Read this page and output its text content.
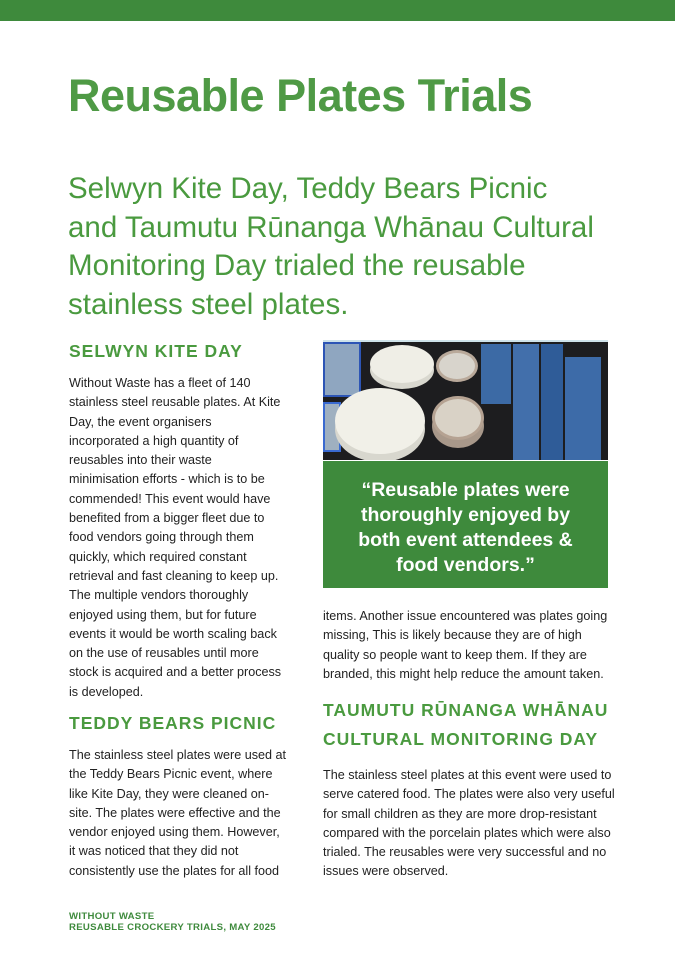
Reusable Plates Trials

Selwyn Kite Day, Teddy Bears Picnic
and Taumutu Rūnanga Whānau Cultural
Monitoring Day trialed the reusable
stainless steel plates.

SELWYN KITE DAY

Without Waste has a fleet of 140
stainless steel reusable plates. At Kite
Day, the event organisers
incorporated a high quantity of
reusables into their waste
minimisation efforts - which is to be
commended! This event would have
benefited from a bigger fleet due to
food vendors going through them
quickly, which required constant
retrieval and fast cleaning to keep up.
The multiple vendors thoroughly
enjoyed using them, but for future
events it would be worth scaling back
on the use of reusables until more
stock is acquired and a better process
is developed.

TEDDY BEARS PICNIC

The stainless steel plates were used at
the Teddy Bears Picnic event, where
like Kite Day, they were cleaned on-
site. The plates were effective and the
vendor enjoyed using them. However,
it was noticed that they did not
consistently use the plates for all food

“Reusable plates were
thoroughly enjoyed by
both event attendees &
food vendors.”

items. Another issue encountered was plates going
missing, This is likely because they are of high
quality so people want to keep them. If they are
branded, this might help reduce the amount taken.

TAUMUTU RŪNANGA WHĀNAU
CULTURAL MONITORING DAY

The stainless steel plates at this event were used to
serve catered food. The plates were also very useful
for small children as they are more drop-resistant
compared with the porcelain plates which were also
trialed. The reusables were very successful and no
issues were observed.

WITHOUT WASTE
REUSABLE CROCKERY TRIALS, MAY 2025
